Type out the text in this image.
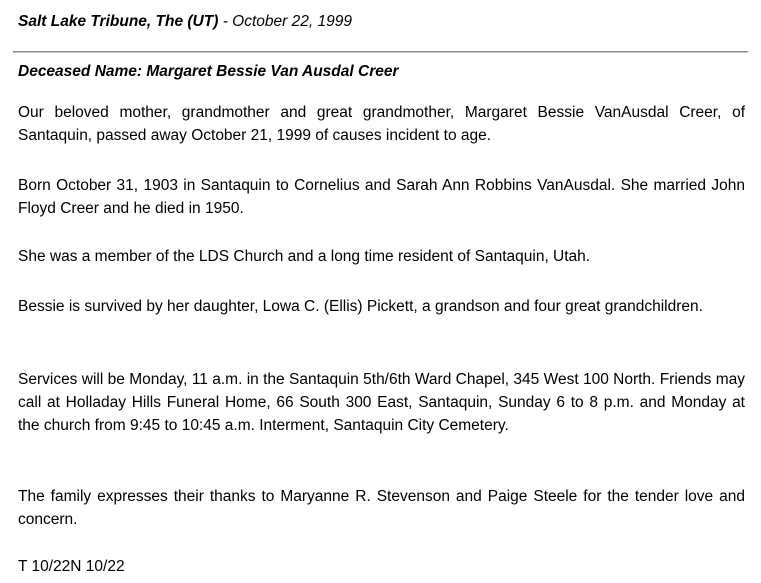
Salt Lake Tribune, The (UT) - October 22, 1999
Deceased Name: Margaret Bessie Van Ausdal Creer
Our beloved mother, grandmother and great grandmother, Margaret Bessie VanAusdal Creer, of Santaquin, passed away October 21, 1999 of causes incident to age.
Born October 31, 1903 in Santaquin to Cornelius and Sarah Ann Robbins VanAusdal. She married John Floyd Creer and he died in 1950.
She was a member of the LDS Church and a long time resident of Santaquin, Utah.
Bessie is survived by her daughter, Lowa C. (Ellis) Pickett, a grandson and four great grandchildren.
Services will be Monday, 11 a.m. in the Santaquin 5th/6th Ward Chapel, 345 West 100 North. Friends may call at Holladay Hills Funeral Home, 66 South 300 East, Santaquin, Sunday 6 to 8 p.m. and Monday at the church from 9:45 to 10:45 a.m. Interment, Santaquin City Cemetery.
The family expresses their thanks to Maryanne R. Stevenson and Paige Steele for the tender love and concern.
T 10/22N 10/22
